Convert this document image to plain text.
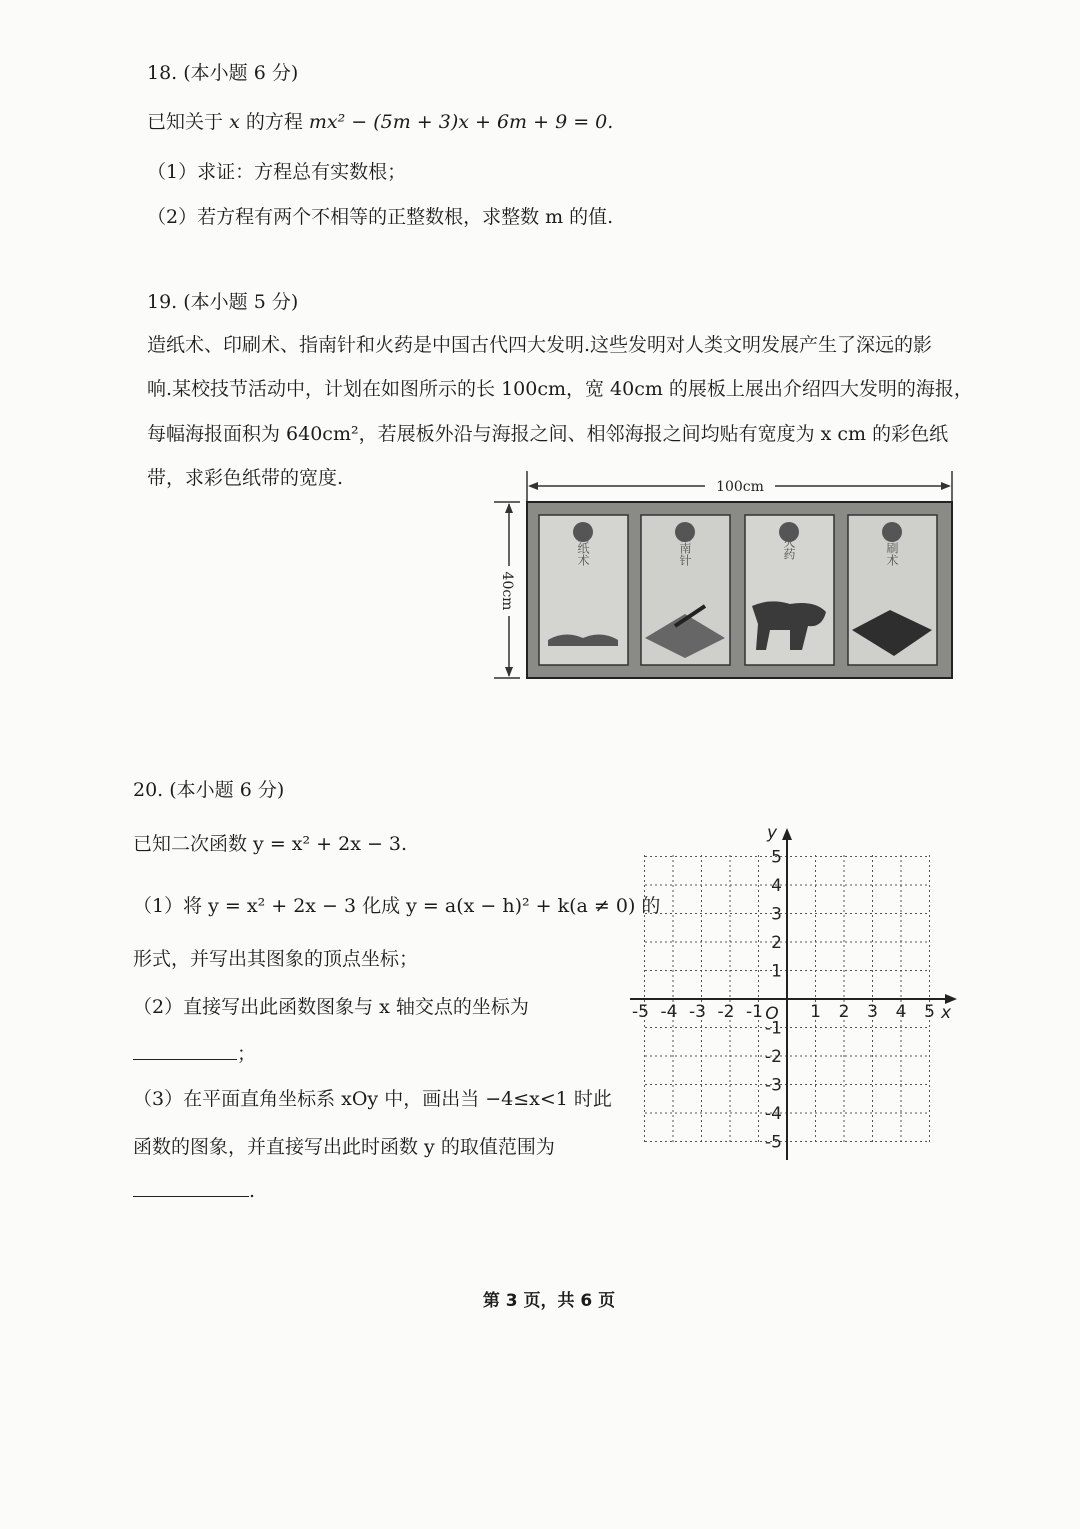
18. (本小题 6 分)
已知关于 x 的方程 mx² − (5m + 3)x + 6m + 9 = 0.
（1）求证：方程总有实数根；
（2）若方程有两个不相等的正整数根，求整数 m 的值.
19. (本小题 5 分)
造纸术、印刷术、指南针和火药是中国古代四大发明.这些发明对人类文明发展产生了深远的影
响.某校技节活动中，计划在如图所示的长 100cm，宽 40cm 的展板上展出介绍四大发明的海报，
每幅海报面积为 640cm²，若展板外沿与海报之间、相邻海报之间均贴有宽度为 x cm 的彩色纸
带，求彩色纸带的宽度.	100cm
40cm
造纸术	指南针	火药	印刷术
20. (本小题 6 分)
已知二次函数 y = x² + 2x − 3.
（1）将 y = x² + 2x − 3 化成 y = a(x − h)² + k(a ≠ 0) 的
形式，并写出其图象的顶点坐标；
（2）直接写出此函数图象与 x 轴交点的坐标为
；
（3）在平面直角坐标系 xOy 中，画出当 −4≤x<1 时此
函数的图象，并直接写出此时函数 y 的取值范围为
.
x
y
O
-5 -4 -3 -2 -1	1 2 3 4 5
5
4
3
2
1
-1
-2
-3
-4
-5
第 3 页，共 6 页
